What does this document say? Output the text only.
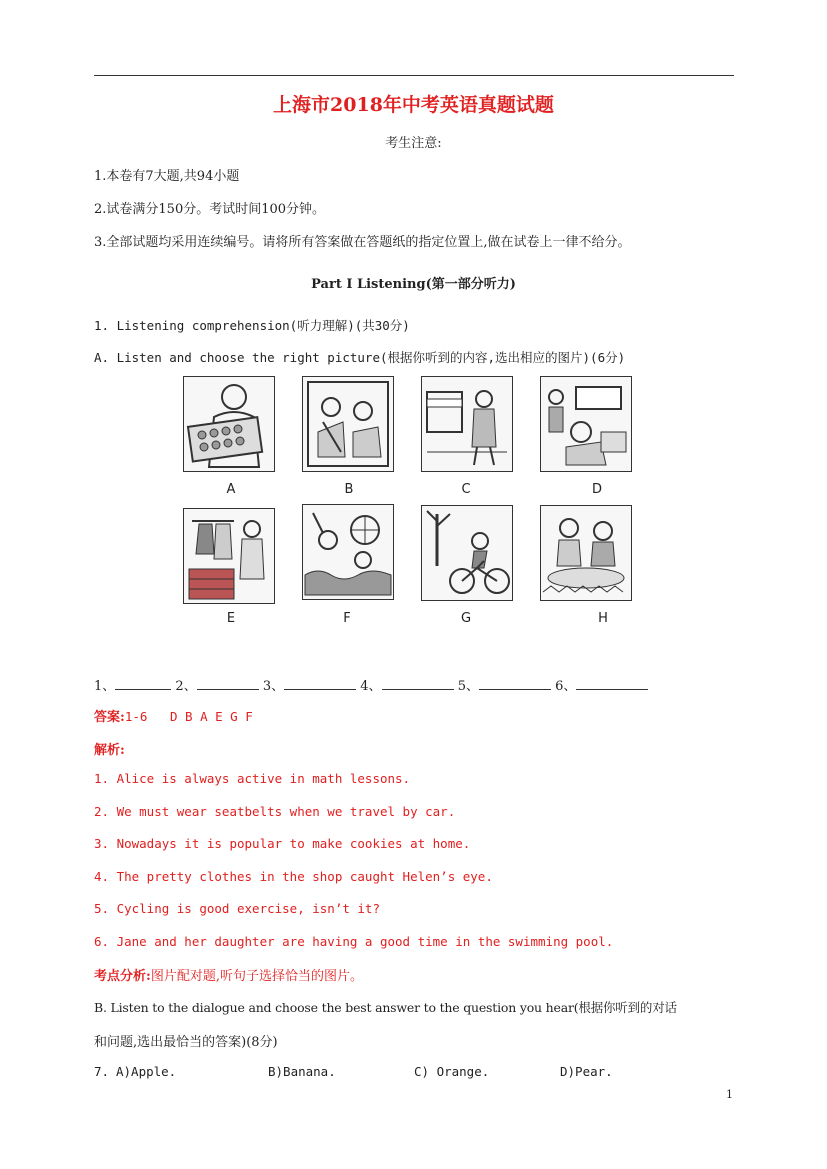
上海市2018年中考英语真题试题
考生注意:
1.本卷有7大题,共94小题
2.试卷满分150分。考试时间100分钟。
3.全部试题均采用连续编号。请将所有答案做在答题纸的指定位置上,做在试卷上一律不给分。
Part I Listening(第一部分听力)
1. Listening comprehension(听力理解)(共30分)
A. Listen and choose the right picture(根据你听到的内容,选出相应的图片)(6分)
A	B	C	D
E	F	G	H
1、	2、	3、	4、	5、	6、
答案:1-6   D B A E G F
解析:
1. Alice is always active in math lessons.
2. We must wear seatbelts when we travel by car.
3. Nowadays it is popular to make cookies at home.
4. The pretty clothes in the shop caught Helen’s eye.
5. Cycling is good exercise, isn’t it?
6. Jane and her daughter are having a good time in the swimming pool.
考点分析:图片配对题,听句子选择恰当的图片。
B. Listen to the dialogue and choose the best answer to the question you hear(根据你听到的对话
和问题,选出最恰当的答案)(8分)
7. A)Apple.	B)Banana.	C) Orange.	D)Pear.
1
